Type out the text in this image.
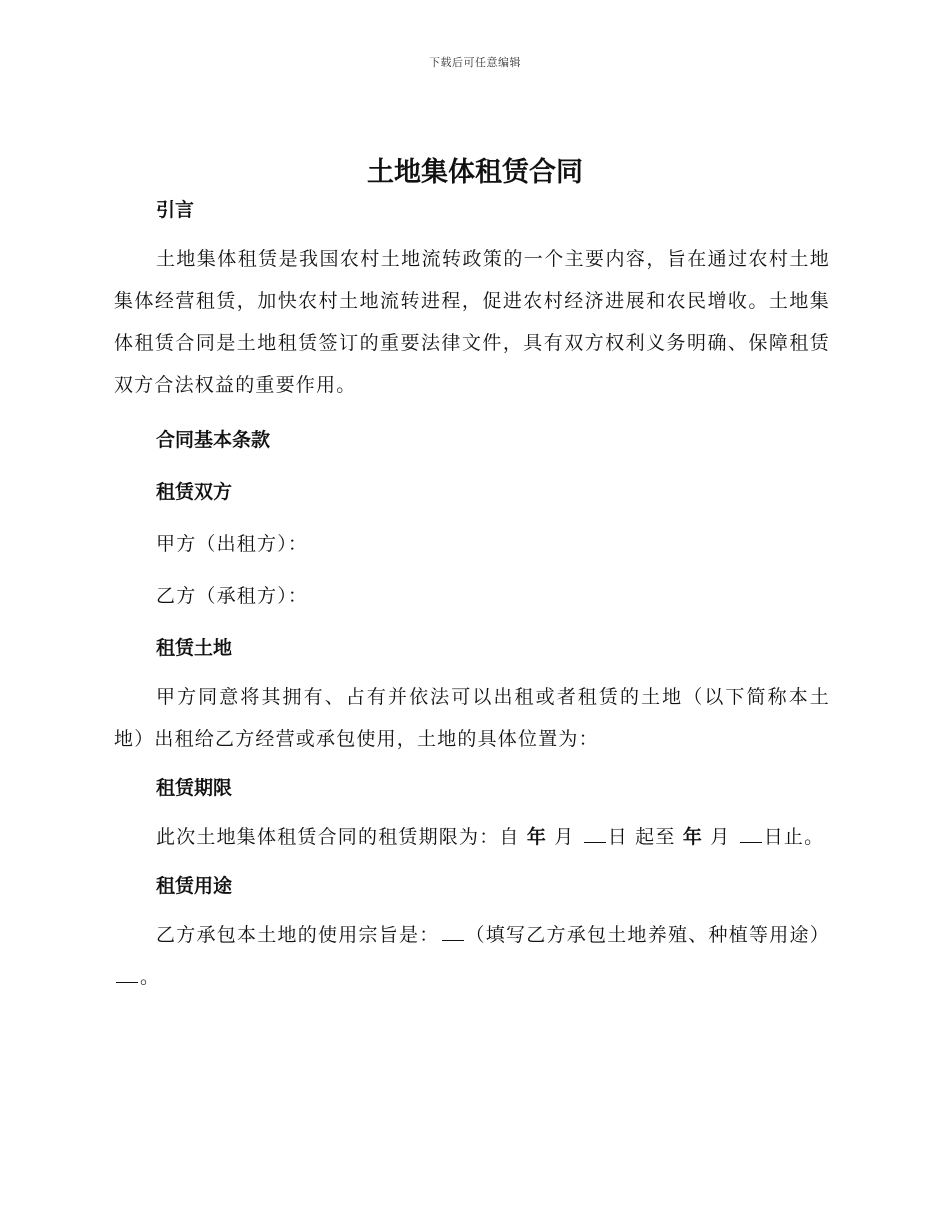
下载后可任意编辑
土地集体租赁合同

引言

土地集体租赁是我国农村土地流转政策的一个主要内容，旨在通过农村土地集体经营租赁，加快农村土地流转进程，促进农村经济进展和农民增收。土地集体租赁合同是土地租赁签订的重要法律文件，具有双方权利义务明确、保障租赁双方合法权益的重要作用。

合同基本条款

租赁双方

甲方（出租方）：

乙方（承租方）：

租赁土地

甲方同意将其拥有、占有并依法可以出租或者租赁的土地（以下简称本土地）出租给乙方经营或承包使用，土地的具体位置为：

租赁期限

此次土地集体租赁合同的租赁期限为：自 年 月 日 起至 年 月 日止。

租赁用途

乙方承包本土地的使用宗旨是： （填写乙方承包土地养殖、种植等用途）。
